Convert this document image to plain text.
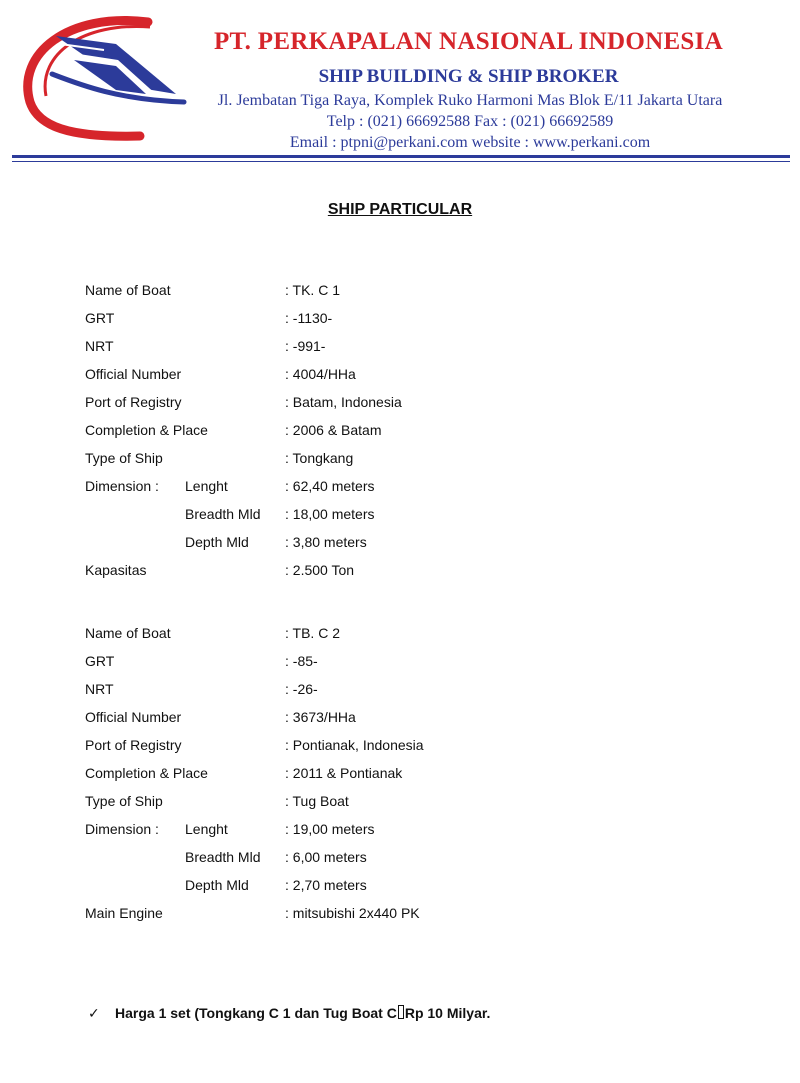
PT. PERKAPALAN NASIONAL INDONESIA
SHIP BUILDING & SHIP BROKER
Jl. Jembatan Tiga Raya, Komplek Ruko Harmoni Mas Blok E/11 Jakarta Utara
Telp : (021) 66692588 Fax : (021) 66692589
Email : ptpni@perkani.com website : www.perkani.com
SHIP PARTICULAR
Name of Boat	: TK. C 1
GRT	: -1130-
NRT	: -991-
Official Number	: 4004/HHa
Port of Registry	: Batam, Indonesia
Completion & Place	: 2006 & Batam
Type of Ship	: Tongkang
Dimension : Lenght	: 62,40 meters
Breadth Mld : 18,00 meters
Depth Mld	: 3,80 meters
Kapasitas	: 2.500 Ton
Name of Boat	: TB. C 2
GRT	: -85-
NRT	: -26-
Official Number	: 3673/HHa
Port of Registry	: Pontianak, Indonesia
Completion & Place	: 2011 & Pontianak
Type of Ship	: Tug Boat
Dimension : Lenght	: 19,00 meters
Breadth Mld : 6,00 meters
Depth Mld	: 2,70 meters
Main Engine	: mitsubishi 2x440 PK
✓ Harga 1 set (Tongkang C 1 dan Tug Boat C Rp 10 Milyar.
